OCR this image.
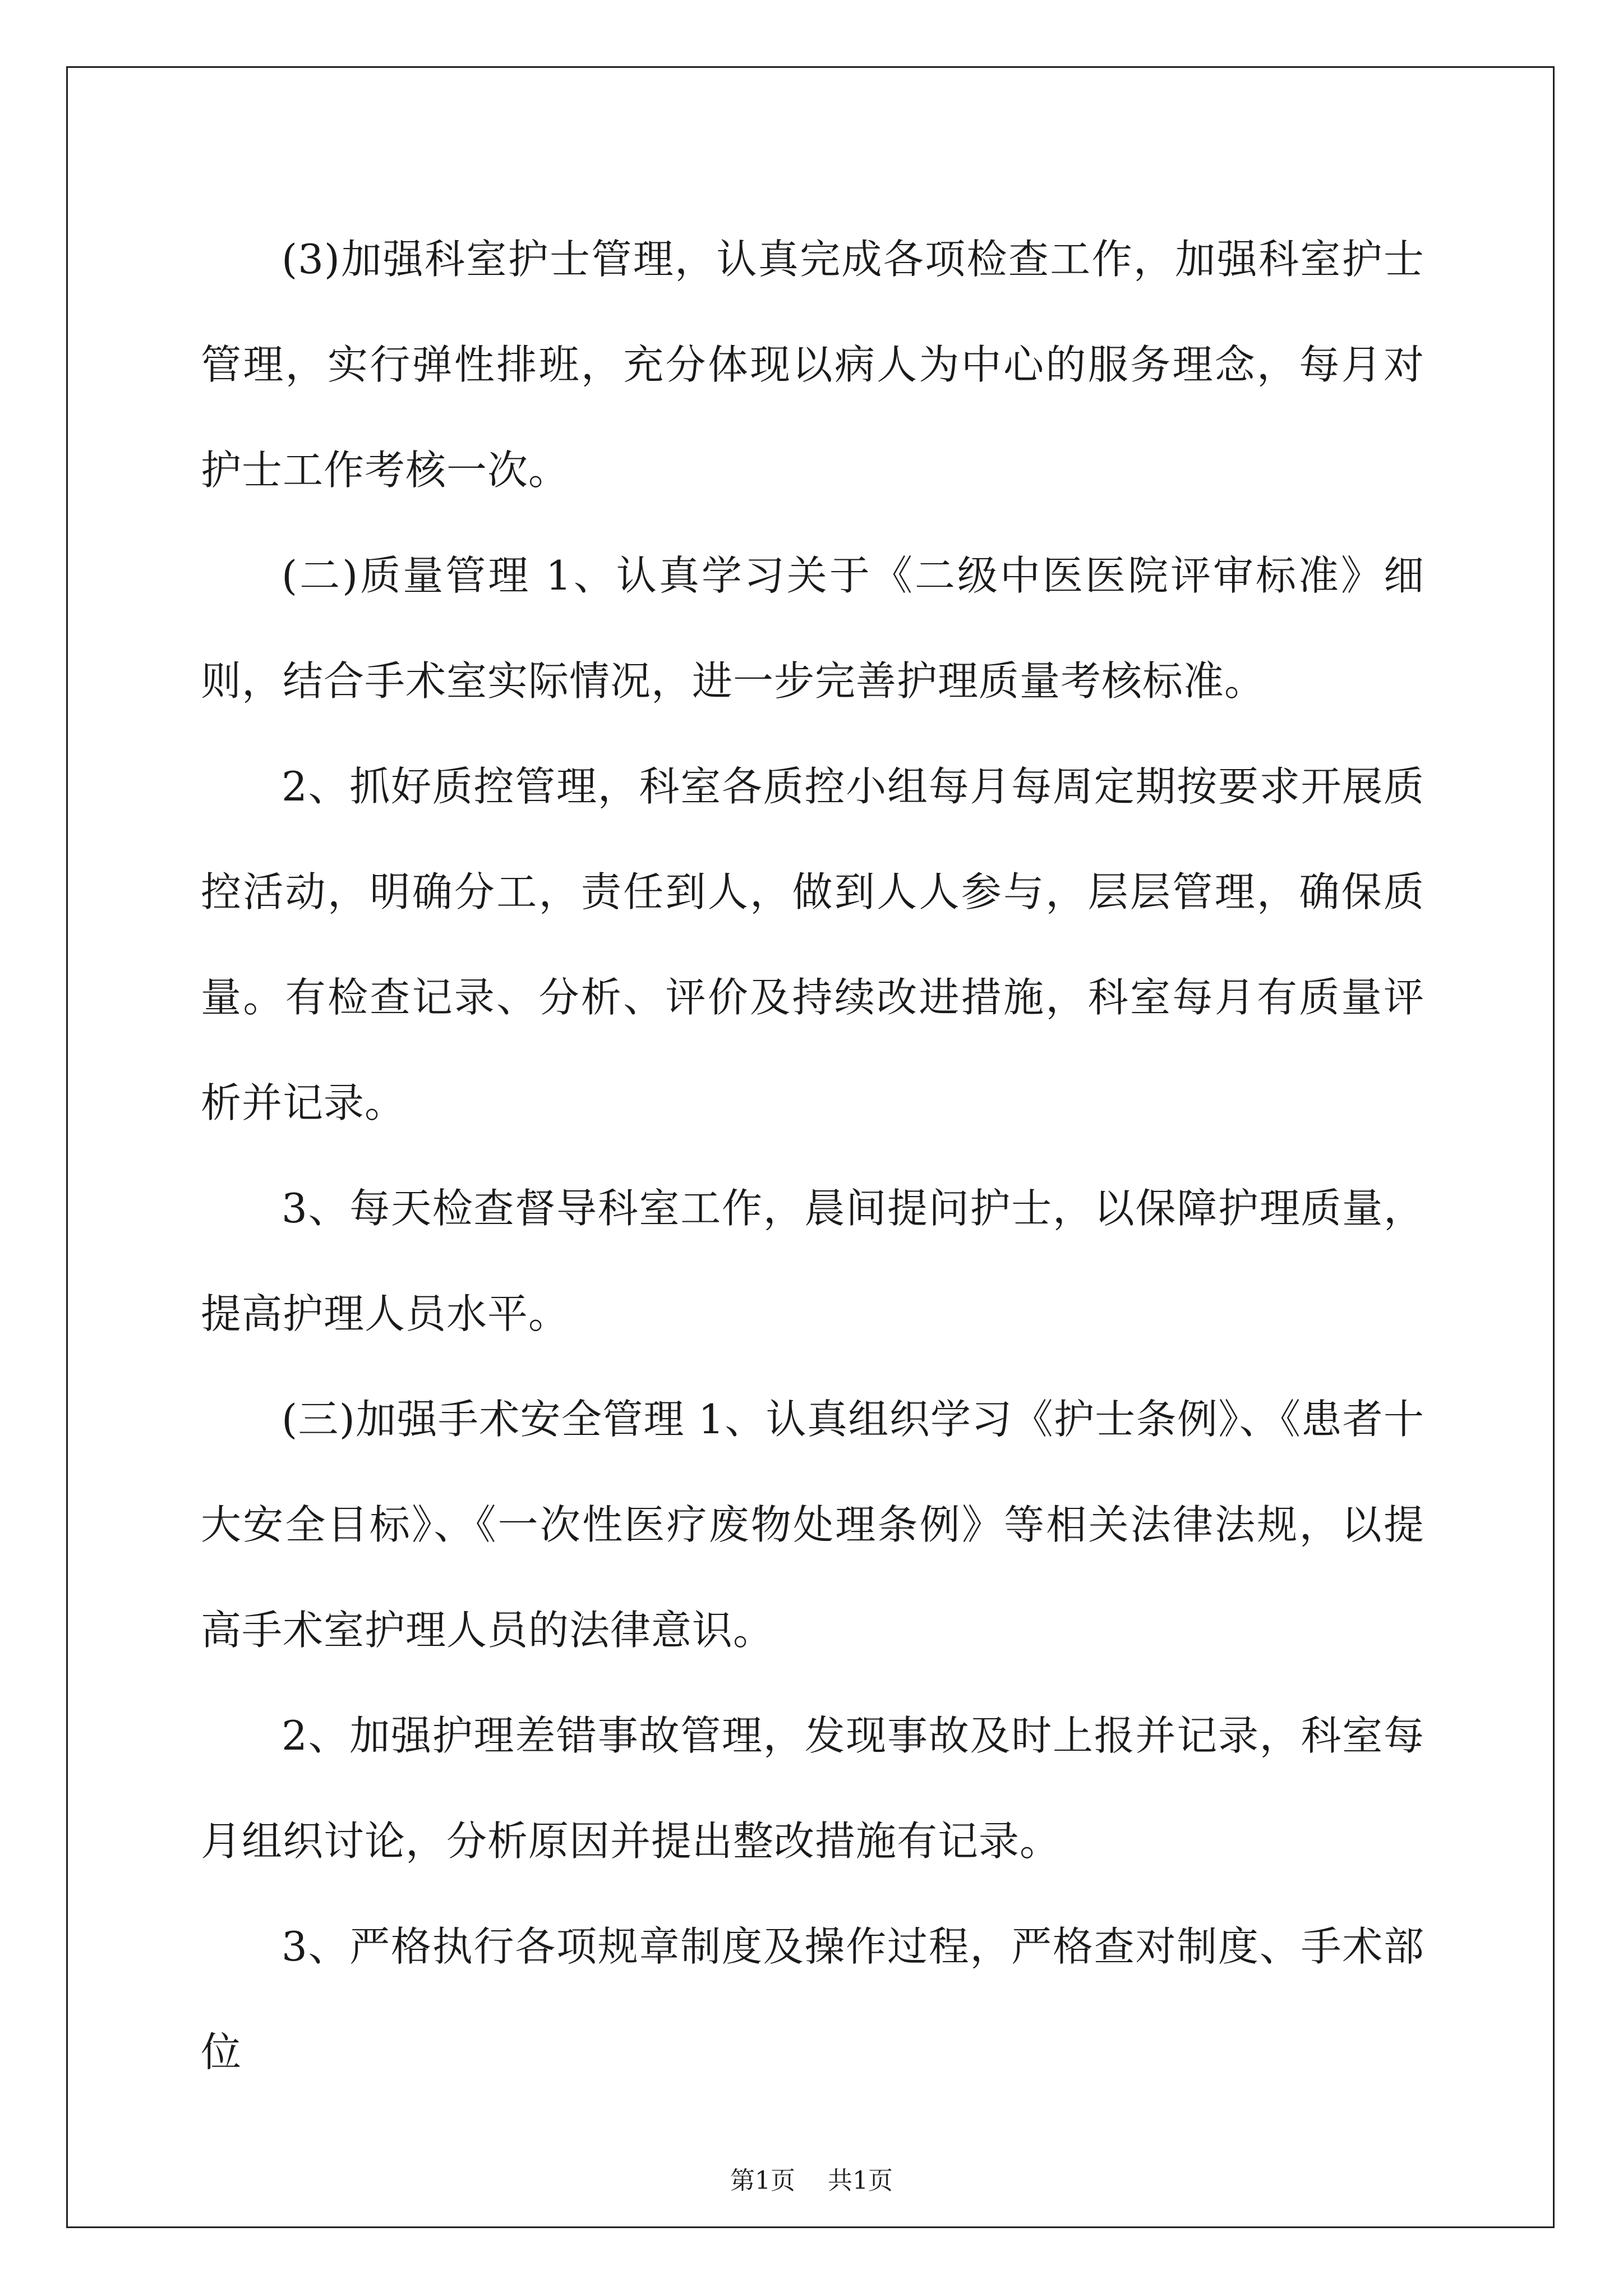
(3)加强科室护士管理，认真完成各项检查工作，加强科室护士管理，实行弹性排班，充分体现以病人为中心的服务理念，每月对护士工作考核一次。

(二)质量管理 1、认真学习关于《二级中医医院评审标准》细则，结合手术室实际情况，进一步完善护理质量考核标准。

2、抓好质控管理，科室各质控小组每月每周定期按要求开展质控活动，明确分工，责任到人，做到人人参与，层层管理，确保质量。有检查记录、分析、评价及持续改进措施，科室每月有质量评析并记录。

3、每天检查督导科室工作，晨间提问护士，以保障护理质量，提高护理人员水平。

(三)加强手术安全管理 1、认真组织学习《护士条例》、《患者十大安全目标》、《一次性医疗废物处理条例》等相关法律法规，以提高手术室护理人员的法律意识。

2、加强护理差错事故管理，发现事故及时上报并记录，科室每月组织讨论，分析原因并提出整改措施有记录。

3、严格执行各项规章制度及操作过程，严格查对制度、手术部位

第1页 共1页
